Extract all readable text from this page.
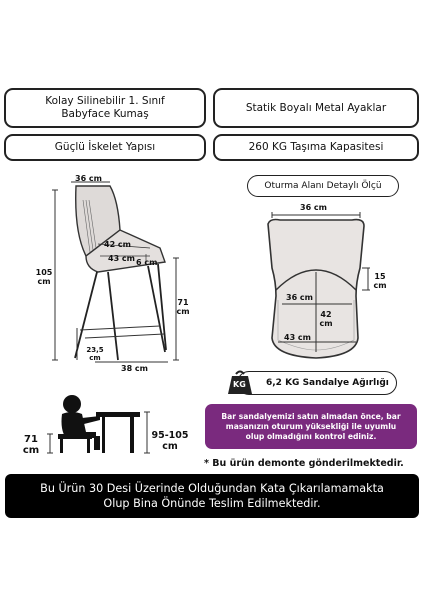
Kolay Silinebilir 1. Sınıf
Babyface Kumaş
Statik Boyalı Metal Ayaklar
Güçlü İskelet Yapısı	260 KG Taşıma Kapasitesi
36 cm
42 cm
43 cm 6 cm
105
cm
71
cm
23,5
cm
38 cm
Oturma Alanı Detaylı Ölçü
36 cm
15
cm
36 cm
42
cm
43 cm
6,2 KG Sandalye Ağırlığı
KG
71
cm
95-105
cm
Bar sandalyemizi satın almadan önce, bar
masanızın oturum yüksekliği ile uyumlu
olup olmadığını kontrol ediniz.
* Bu ürün demonte gönderilmektedir.
Bu Ürün 30 Desi Üzerinde Olduğundan Kata Çıkarılamamakta
Olup Bina Önünde Teslim Edilmektedir.
